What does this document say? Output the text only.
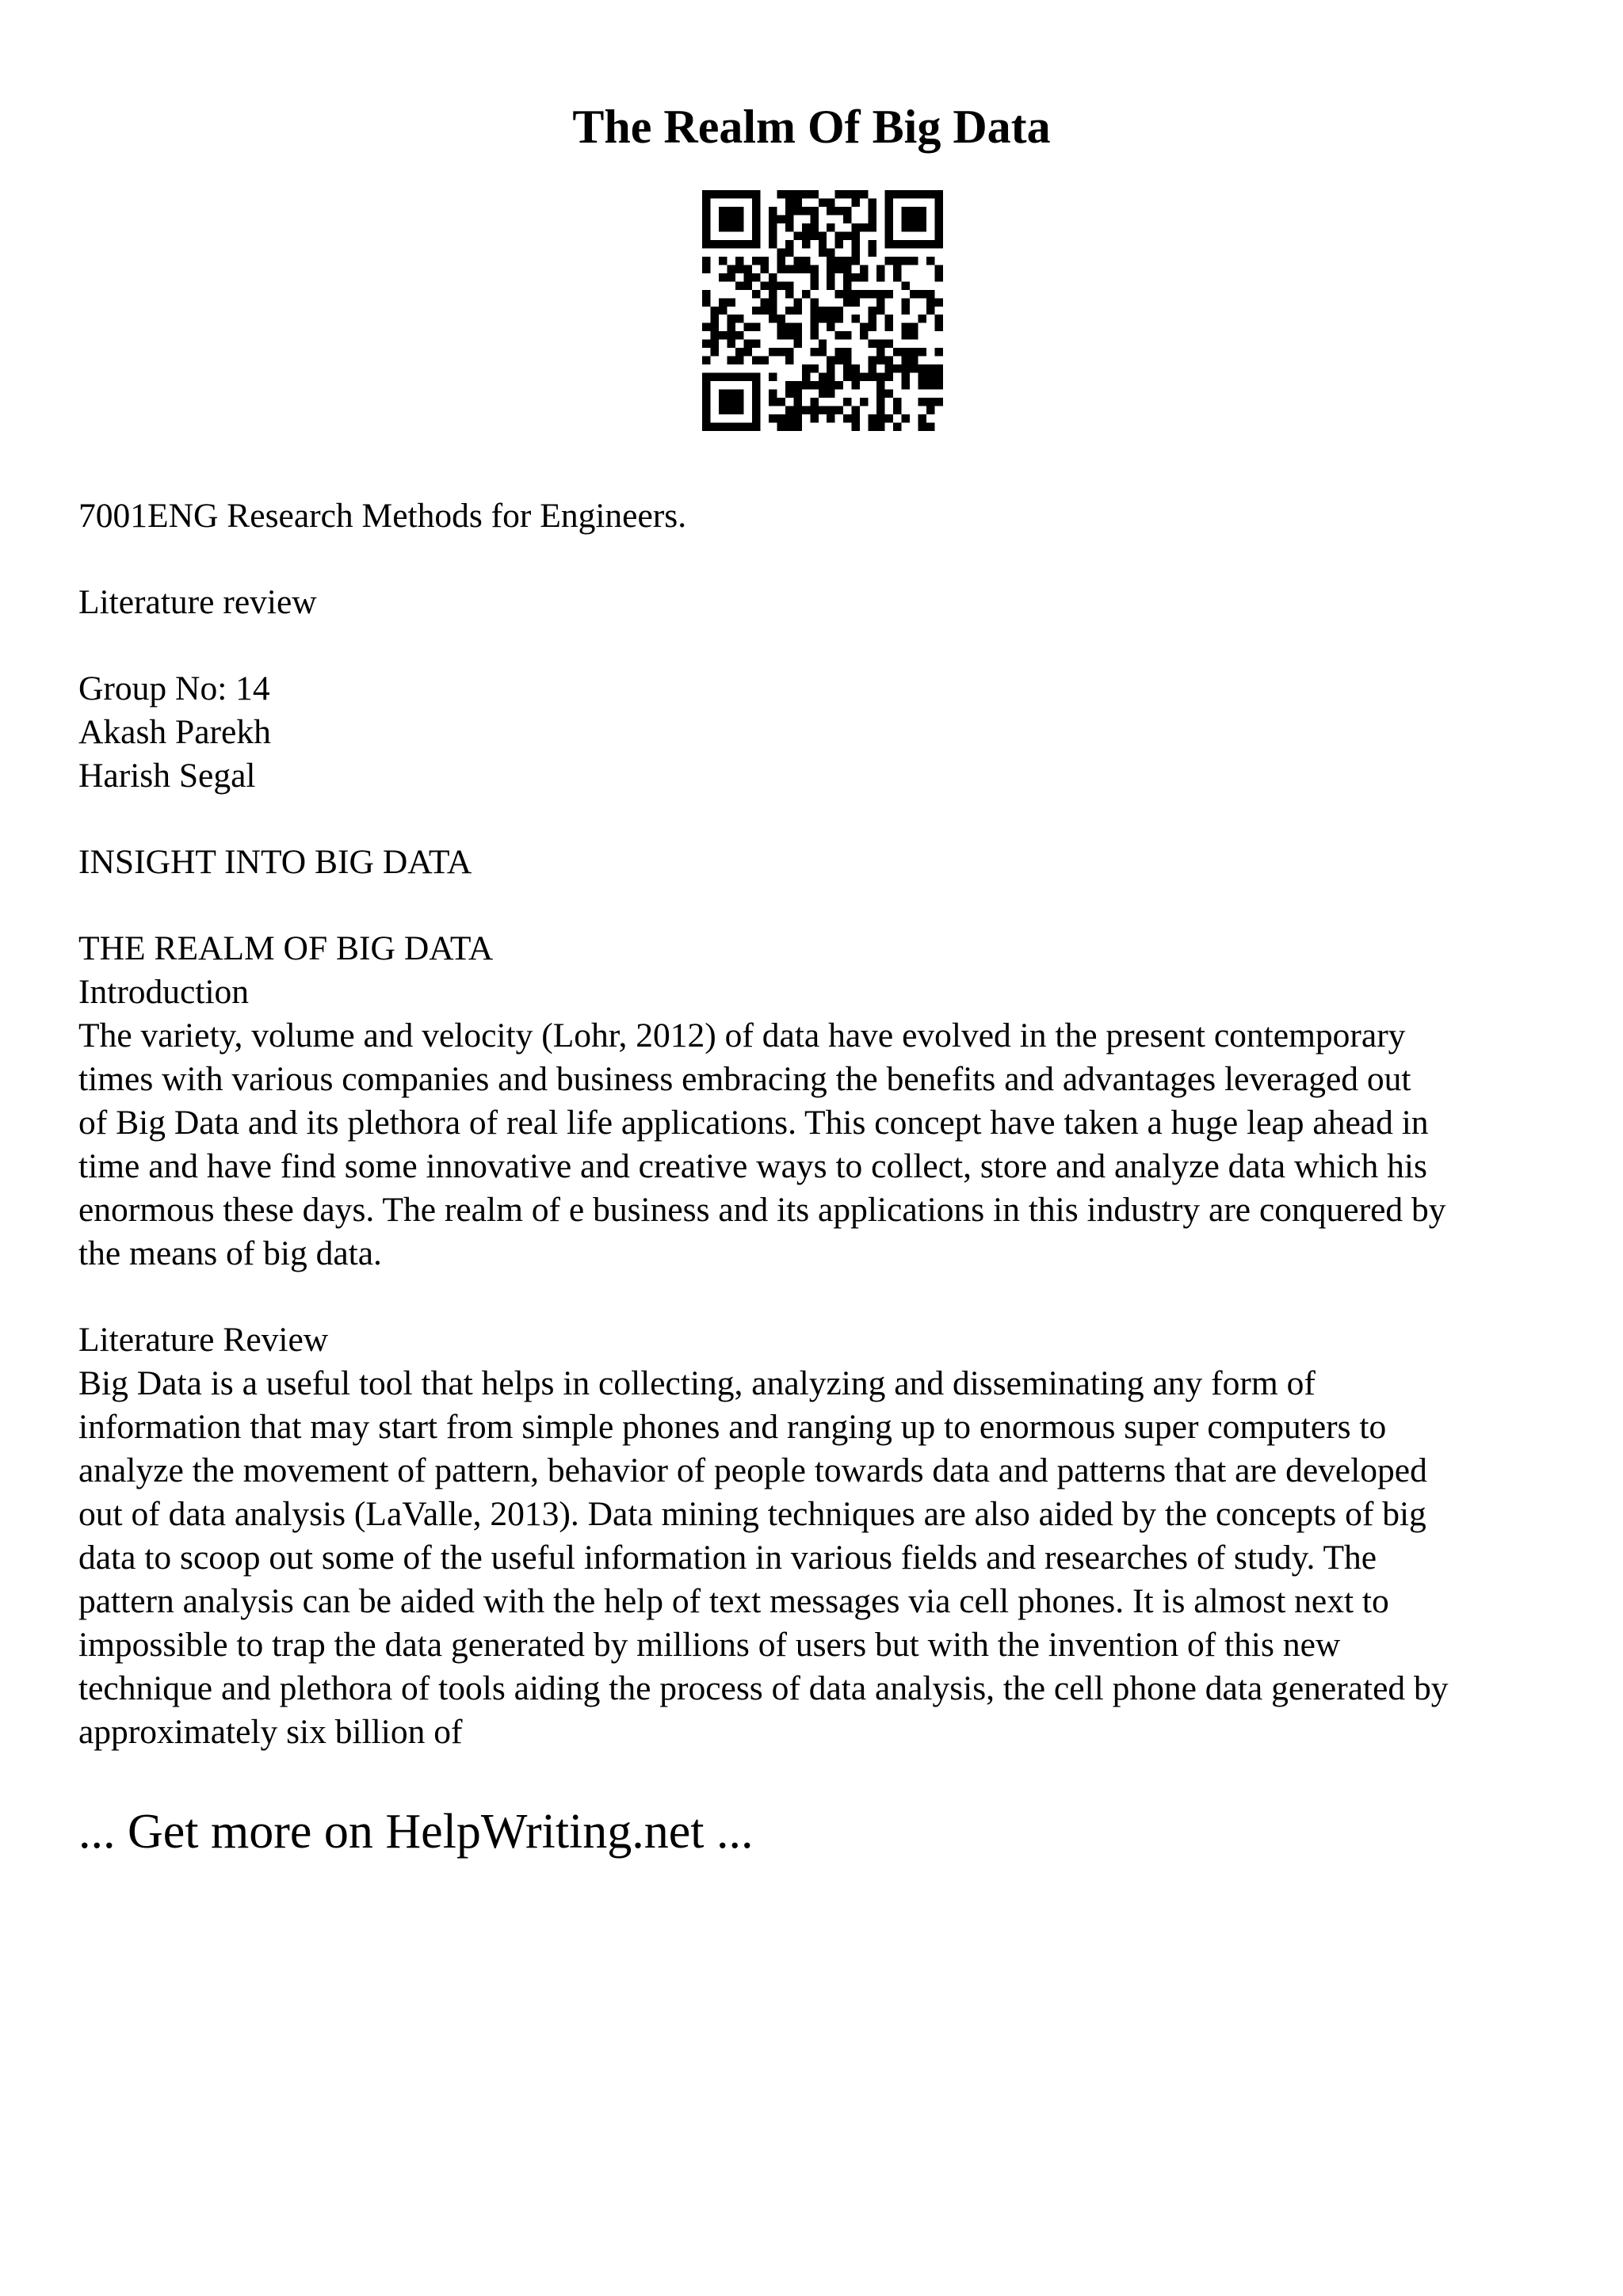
The Realm Of Big Data

7001ENG Research Methods for Engineers.

Literature review

Group No: 14

Akash Parekh

Harish Segal

INSIGHT INTO BIG DATA

THE REALM OF BIG DATA

Introduction

The variety, volume and velocity (Lohr, 2012) of data have evolved in the present contemporary

times with various companies and business embracing the benefits and advantages leveraged out

of Big Data and its plethora of real life applications. This concept have taken a huge leap ahead in

time and have find some innovative and creative ways to collect, store and analyze data which his

enormous these days. The realm of e business and its applications in this industry are conquered by

the means of big data.

Literature Review

Big Data is a useful tool that helps in collecting, analyzing and disseminating any form of

information that may start from simple phones and ranging up to enormous super computers to

analyze the movement of pattern, behavior of people towards data and patterns that are developed

out of data analysis (LaValle, 2013). Data mining techniques are also aided by the concepts of big

data to scoop out some of the useful information in various fields and researches of study. The

pattern analysis can be aided with the help of text messages via cell phones. It is almost next to

impossible to trap the data generated by millions of users but with the invention of this new

technique and plethora of tools aiding the process of data analysis, the cell phone data generated by

approximately six billion of

... Get more on HelpWriting.net ...
